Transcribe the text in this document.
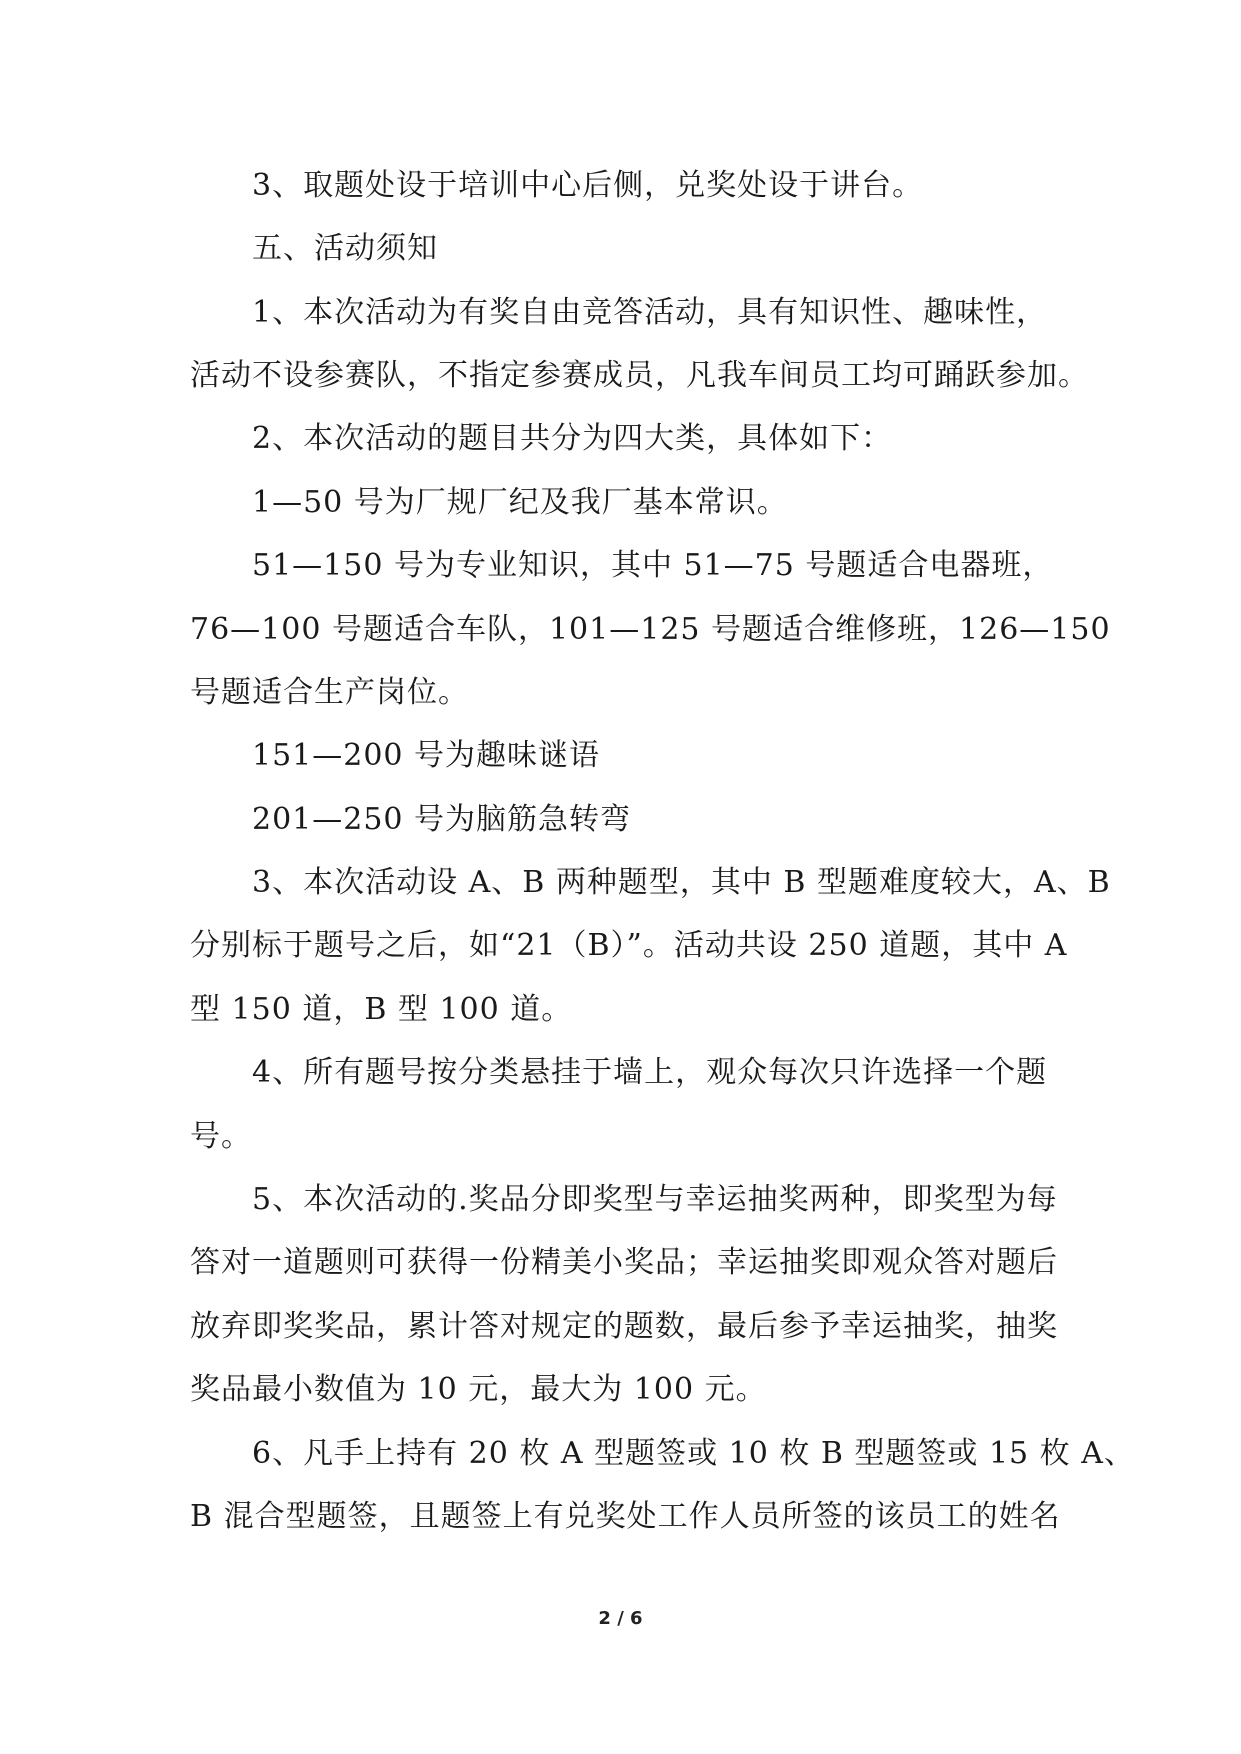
3、取题处设于培训中心后侧，兑奖处设于讲台。
五、活动须知
1、本次活动为有奖自由竞答活动，具有知识性、趣味性，
活动不设参赛队，不指定参赛成员，凡我车间员工均可踊跃参加。
2、本次活动的题目共分为四大类，具体如下：
1—50 号为厂规厂纪及我厂基本常识。
51—150 号为专业知识，其中 51—75 号题适合电器班，
76—100 号题适合车队，101—125 号题适合维修班，126—150
号题适合生产岗位。
151—200 号为趣味谜语
201—250 号为脑筋急转弯
3、本次活动设 A、B 两种题型，其中 B 型题难度较大，A、B
分别标于题号之后，如“21（B）”。活动共设 250 道题，其中 A
型 150 道，B 型 100 道。
4、所有题号按分类悬挂于墙上，观众每次只许选择一个题
号。
5、本次活动的.奖品分即奖型与幸运抽奖两种，即奖型为每
答对一道题则可获得一份精美小奖品；幸运抽奖即观众答对题后
放弃即奖奖品，累计答对规定的题数，最后参予幸运抽奖，抽奖
奖品最小数值为 10 元，最大为 100 元。
6、凡手上持有 20 枚 A 型题签或 10 枚 B 型题签或 15 枚 A、
B 混合型题签，且题签上有兑奖处工作人员所签的该员工的姓名
2 / 6
